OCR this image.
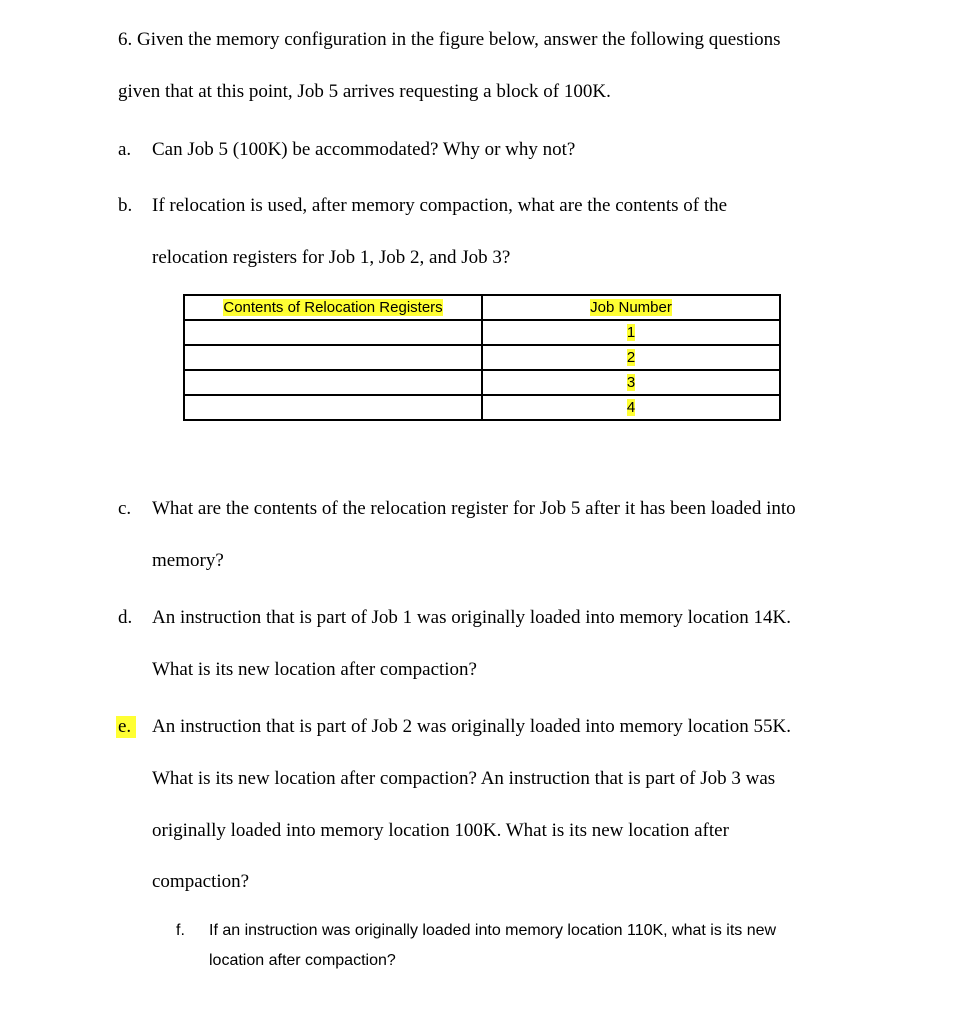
6. Given the memory configuration in the figure below, answer the following questions
given that at this point, Job 5 arrives requesting a block of 100K.
a. Can Job 5 (100K) be accommodated? Why or why not?
b. If relocation is used, after memory compaction, what are the contents of the
relocation registers for Job 1, Job 2, and Job 3?
Contents of Relocation Registers	Job Number
	1
	2
	3
	4
c. What are the contents of the relocation register for Job 5 after it has been loaded into
memory?
d. An instruction that is part of Job 1 was originally loaded into memory location 14K.
What is its new location after compaction?
e. An instruction that is part of Job 2 was originally loaded into memory location 55K.
What is its new location after compaction? An instruction that is part of Job 3 was
originally loaded into memory location 100K. What is its new location after
compaction?
f. If an instruction was originally loaded into memory location 110K, what is its new
location after compaction?
